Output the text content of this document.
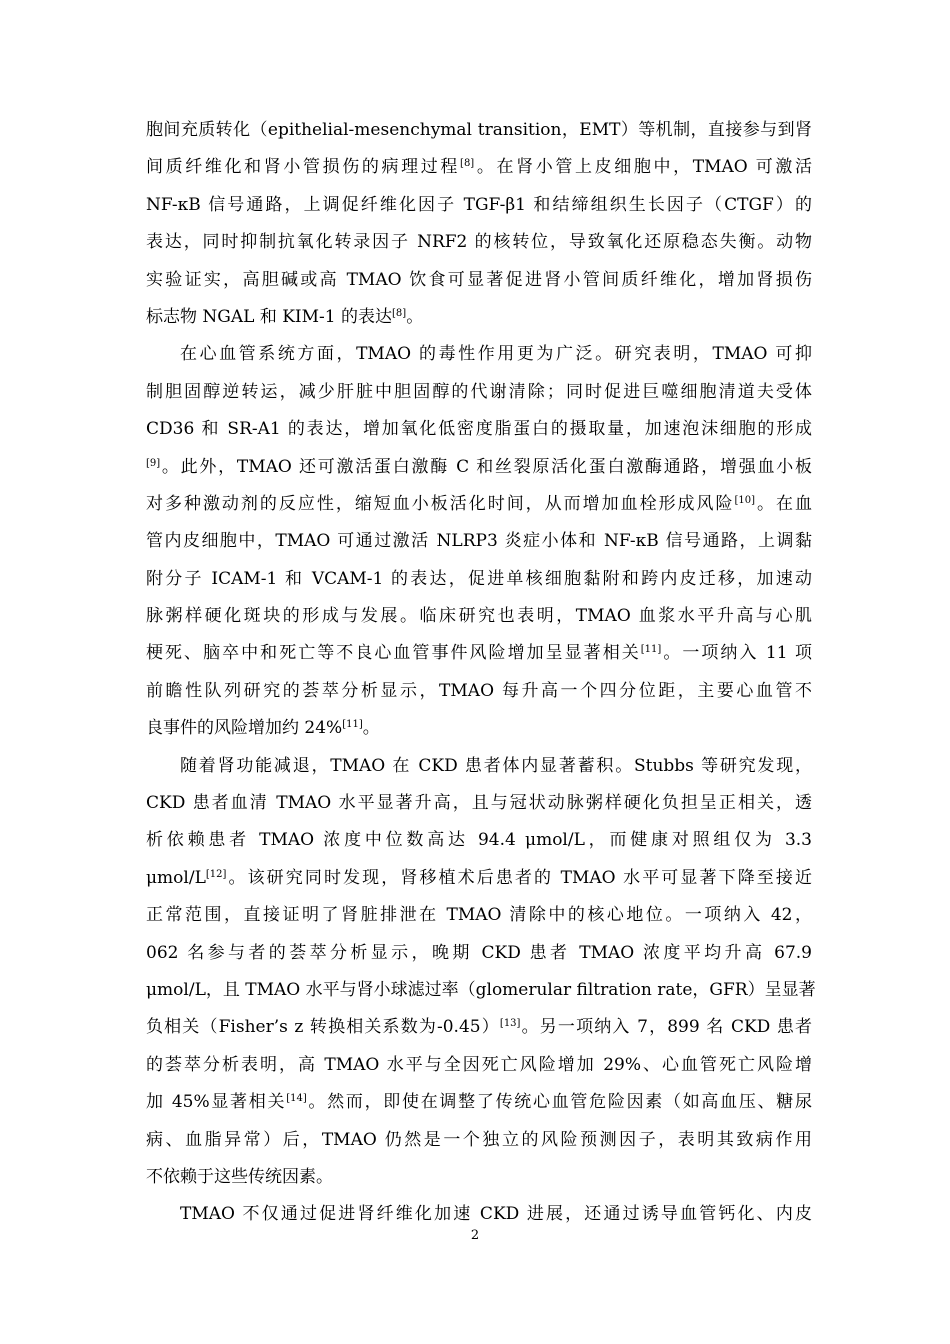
胞间充质转化（epithelial-mesenchymal transition，EMT）等机制，直接参与到肾
间质纤维化和肾小管损伤的病理过程[8]。在肾小管上皮细胞中，TMAO 可激活
NF-κB 信号通路，上调促纤维化因子 TGF-β1 和结缔组织生长因子（CTGF）的
表达，同时抑制抗氧化转录因子 NRF2 的核转位，导致氧化还原稳态失衡。动物
实验证实，高胆碱或高 TMAO 饮食可显著促进肾小管间质纤维化，增加肾损伤
标志物 NGAL 和 KIM-1 的表达[8]。
在心血管系统方面，TMAO 的毒性作用更为广泛。研究表明，TMAO 可抑
制胆固醇逆转运，减少肝脏中胆固醇的代谢清除；同时促进巨噬细胞清道夫受体
CD36 和 SR-A1 的表达，增加氧化低密度脂蛋白的摄取量，加速泡沫细胞的形成
[9]。此外，TMAO 还可激活蛋白激酶 C 和丝裂原活化蛋白激酶通路，增强血小板
对多种激动剂的反应性，缩短血小板活化时间，从而增加血栓形成风险[10]。在血
管内皮细胞中，TMAO 可通过激活 NLRP3 炎症小体和 NF-κB 信号通路，上调黏
附分子 ICAM-1 和 VCAM-1 的表达，促进单核细胞黏附和跨内皮迁移，加速动
脉粥样硬化斑块的形成与发展。临床研究也表明，TMAO 血浆水平升高与心肌
梗死、脑卒中和死亡等不良心血管事件风险增加呈显著相关[11]。一项纳入 11 项
前瞻性队列研究的荟萃分析显示，TMAO 每升高一个四分位距，主要心血管不
良事件的风险增加约 24%[11]。
随着肾功能减退，TMAO 在 CKD 患者体内显著蓄积。Stubbs 等研究发现，
CKD 患者血清 TMAO 水平显著升高，且与冠状动脉粥样硬化负担呈正相关，透
析依赖患者 TMAO 浓度中位数高达 94.4 μmol/L，而健康对照组仅为 3.3
μmol/L[12]。该研究同时发现，肾移植术后患者的 TMAO 水平可显著下降至接近
正常范围，直接证明了肾脏排泄在 TMAO 清除中的核心地位。一项纳入 42，
062 名参与者的荟萃分析显示，晚期 CKD 患者 TMAO 浓度平均升高 67.9
μmol/L，且 TMAO 水平与肾小球滤过率（glomerular filtration rate，GFR）呈显著
负相关（Fisher’s z 转换相关系数为-0.45）[13]。另一项纳入 7，899 名 CKD 患者
的荟萃分析表明，高 TMAO 水平与全因死亡风险增加 29%、心血管死亡风险增
加 45%显著相关[14]。然而，即使在调整了传统心血管危险因素（如高血压、糖尿
病、血脂异常）后，TMAO 仍然是一个独立的风险预测因子，表明其致病作用
不依赖于这些传统因素。
TMAO 不仅通过促进肾纤维化加速 CKD 进展，还通过诱导血管钙化、内皮
2
